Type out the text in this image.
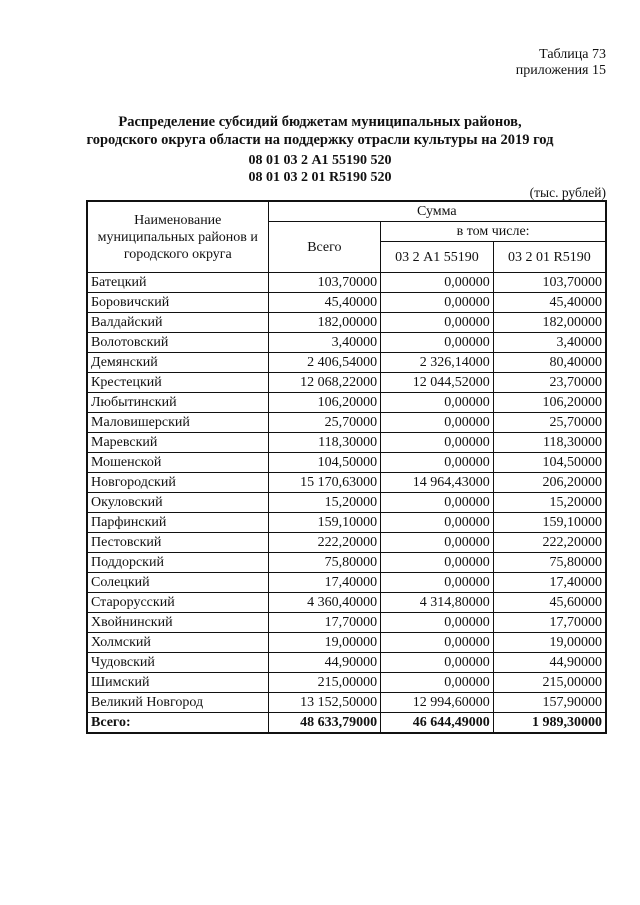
Таблица 73
приложения 15
Распределение субсидий бюджетам муниципальных районов,
городского округа области на поддержку отрасли культуры на 2019 год
08 01 03 2 А1 55190 520
08 01 03 2 01 R5190 520
(тыс. рублей)
Наименование муниципальных районов и городского округа	Сумма		
	Всего	в том числе:	
		03 2 А1 55190	03 2 01 R5190
Батецкий	103,70000	0,00000	103,70000
Боровичский	45,40000	0,00000	45,40000
Валдайский	182,00000	0,00000	182,00000
Волотовский	3,40000	0,00000	3,40000
Демянский	2 406,54000	2 326,14000	80,40000
Крестецкий	12 068,22000	12 044,52000	23,70000
Любытинский	106,20000	0,00000	106,20000
Маловишерский	25,70000	0,00000	25,70000
Маревский	118,30000	0,00000	118,30000
Мошенской	104,50000	0,00000	104,50000
Новгородский	15 170,63000	14 964,43000	206,20000
Окуловский	15,20000	0,00000	15,20000
Парфинский	159,10000	0,00000	159,10000
Пестовский	222,20000	0,00000	222,20000
Поддорский	75,80000	0,00000	75,80000
Солецкий	17,40000	0,00000	17,40000
Старорусский	4 360,40000	4 314,80000	45,60000
Хвойнинский	17,70000	0,00000	17,70000
Холмский	19,00000	0,00000	19,00000
Чудовский	44,90000	0,00000	44,90000
Шимский	215,00000	0,00000	215,00000
Великий Новгород	13 152,50000	12 994,60000	157,90000
Всего:	48 633,79000	46 644,49000	1 989,30000
